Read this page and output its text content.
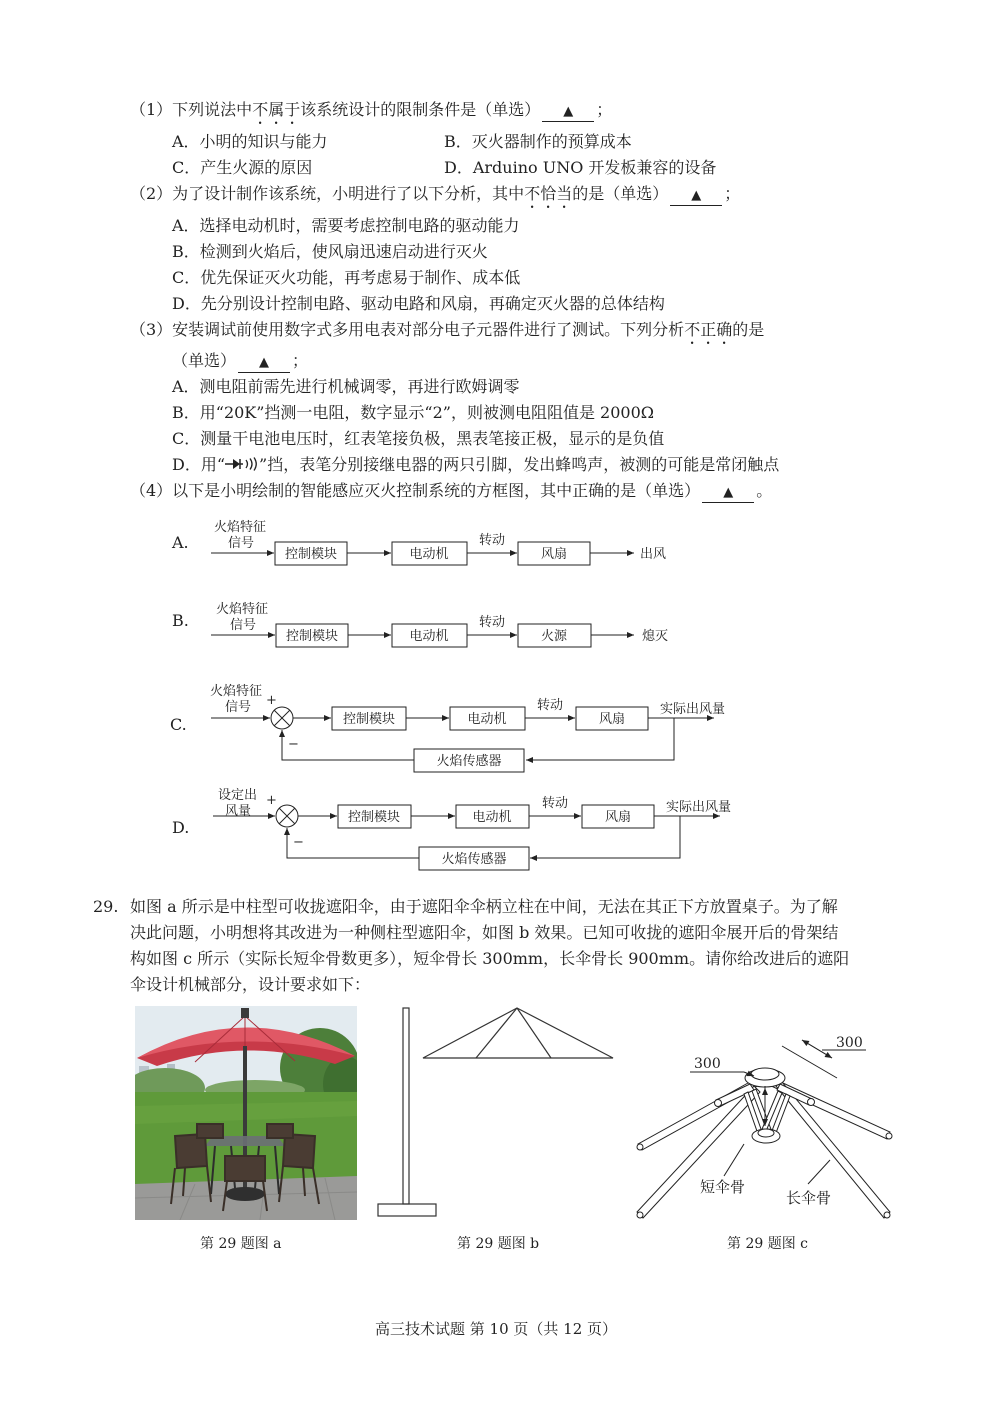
（1）下列说法中不属于该系统设计的限制条件是（单选） ▲ ；
A．小明的知识与能力	B．灭火器制作的预算成本
C．产生火源的原因	D．Arduino UNO 开发板兼容的设备
（2）为了设计制作该系统，小明进行了以下分析，其中不恰当的是（单选） ▲ ；
A．选择电动机时，需要考虑控制电路的驱动能力
B．检测到火焰后，使风扇迅速启动进行灭火
C．优先保证灭火功能，再考虑易于制作、成本低
D．先分别设计控制电路、驱动电路和风扇，再确定灭火器的总体结构
（3）安装调试前使用数字式多用电表对部分电子元器件进行了测试。下列分析不正确的是
（单选） ▲ ；
A．测电阻前需先进行机械调零，再进行欧姆调零
B．用“20K”挡测一电阻，数字显示“2”，则被测电阻阻值是 2000Ω
C．测量干电池电压时，红表笔接负极，黑表笔接正极，显示的是负值
D．用“ ”挡，表笔分别接继电器的两只引脚，发出蜂鸣声，被测的可能是常闭触点
（4）以下是小明绘制的智能感应灭火控制系统的方框图，其中正确的是（单选） ▲ 。
A.
火焰特征
信号
控制模块	电动机
转动
风扇	出风
B.
火焰特征
信号
控制模块	电动机
转动
火源	熄灭
C.
火焰特征
信号 +
−
控制模块	电动机
转动
风扇
实际出风量
火焰传感器
D.
设定出
风量
+
−
控制模块	电动机
转动
风扇
实际出风量
火焰传感器
29. 如图 a 所示是中柱型可收拢遮阳伞，由于遮阳伞伞柄立柱在中间，无法在其正下方放置桌子。为了解
决此问题，小明想将其改进为一种侧柱型遮阳伞，如图 b 效果。已知可收拢的遮阳伞展开后的骨架结
构如图 c 所示（实际长短伞骨数更多），短伞骨长 300mm，长伞骨长 900mm。请你给改进后的遮阳
伞设计机械部分，设计要求如下：
300
300
短伞骨
长伞骨
第 29 题图 a	第 29 题图 b	第 29 题图 c
高三技术试题 第 10 页（共 12 页）
